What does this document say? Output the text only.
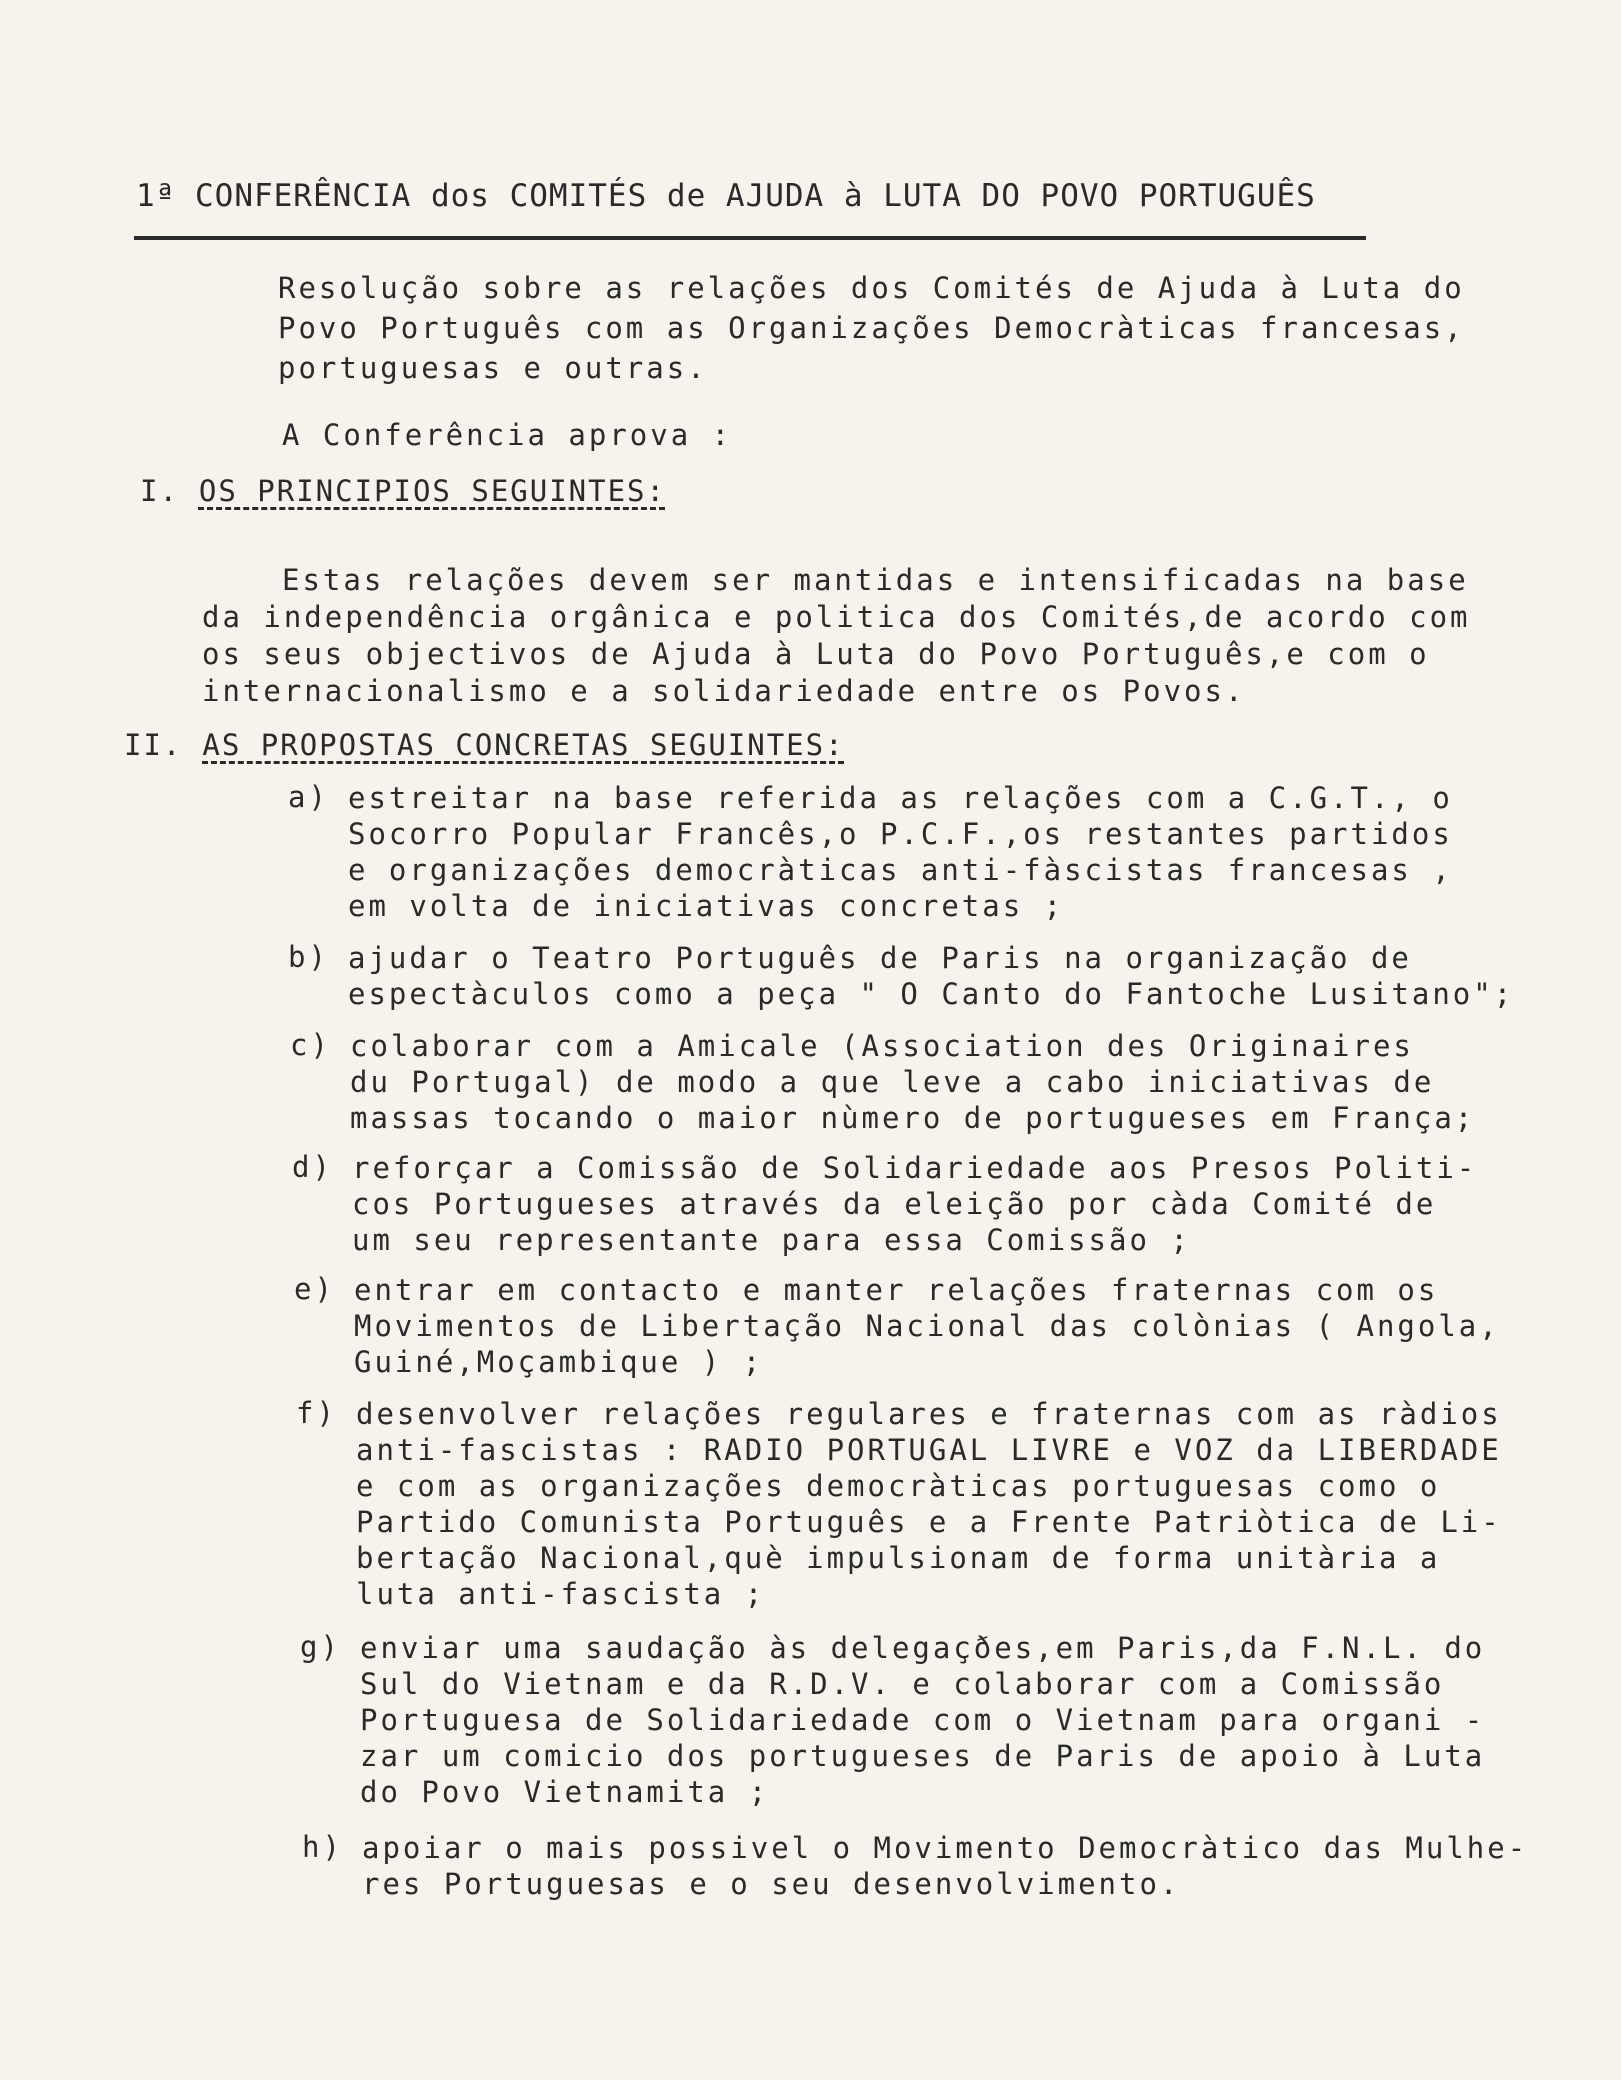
1ª CONFERÊNCIA dos COMITÉS de AJUDA à LUTA DO POVO PORTUGUÊS

Resolução sobre as relações dos Comités de Ajuda à Luta do

Povo Português com as Organizações Democràticas francesas,

portuguesas e outras.

A Conferência aprova :
I. OS PRINCIPIOS SEGUINTES:

Estas relações devem ser mantidas e intensificadas na base

da independência orgânica e politica dos Comités,de acordo com

os seus objectivos de Ajuda à Luta do Povo Português,e com o

internacionalismo e a solidariedade entre os Povos.

II. AS PROPOSTAS CONCRETAS SEGUINTES:
a) estreitar na base referida as relações com a C.G.T., o

Socorro Popular Francês,o P.C.F.,os restantes partidos

e organizações democràticas anti-fàscistas francesas ,

em volta de iniciativas concretas ;

b) ajudar o Teatro Português de Paris na organização de

espectàculos como a peça " O Canto do Fantoche Lusitano";

c) colaborar com a Amicale (Association des Originaires

du Portugal) de modo a que leve a cabo iniciativas de

massas tocando o maior nùmero de portugueses em França;

d) reforçar a Comissão de Solidariedade aos Presos Politi-

cos Portugueses através da eleição por càda Comité de

um seu representante para essa Comissão ;

e) entrar em contacto e manter relações fraternas com os

Movimentos de Libertação Nacional das colònias ( Angola,

Guiné,Moçambique ) ;

f) desenvolver relações regulares e fraternas com as ràdios

anti-fascistas : RADIO PORTUGAL LIVRE e VOZ da LIBERDADE

e com as organizações democràticas portuguesas como o

Partido Comunista Português e a Frente Patriòtica de Li-

bertação Nacional,què impulsionam de forma unitària a

luta anti-fascista ;

g) enviar uma saudação às delegaçðes,em Paris,da F.N.L. do

Sul do Vietnam e da R.D.V. e colaborar com a Comissão

Portuguesa de Solidariedade com o Vietnam para organi -

zar um comicio dos portugueses de Paris de apoio à Luta

do Povo Vietnamita ;

h) apoiar o mais possivel o Movimento Democràtico das Mulhe-

res Portuguesas e o seu desenvolvimento.
